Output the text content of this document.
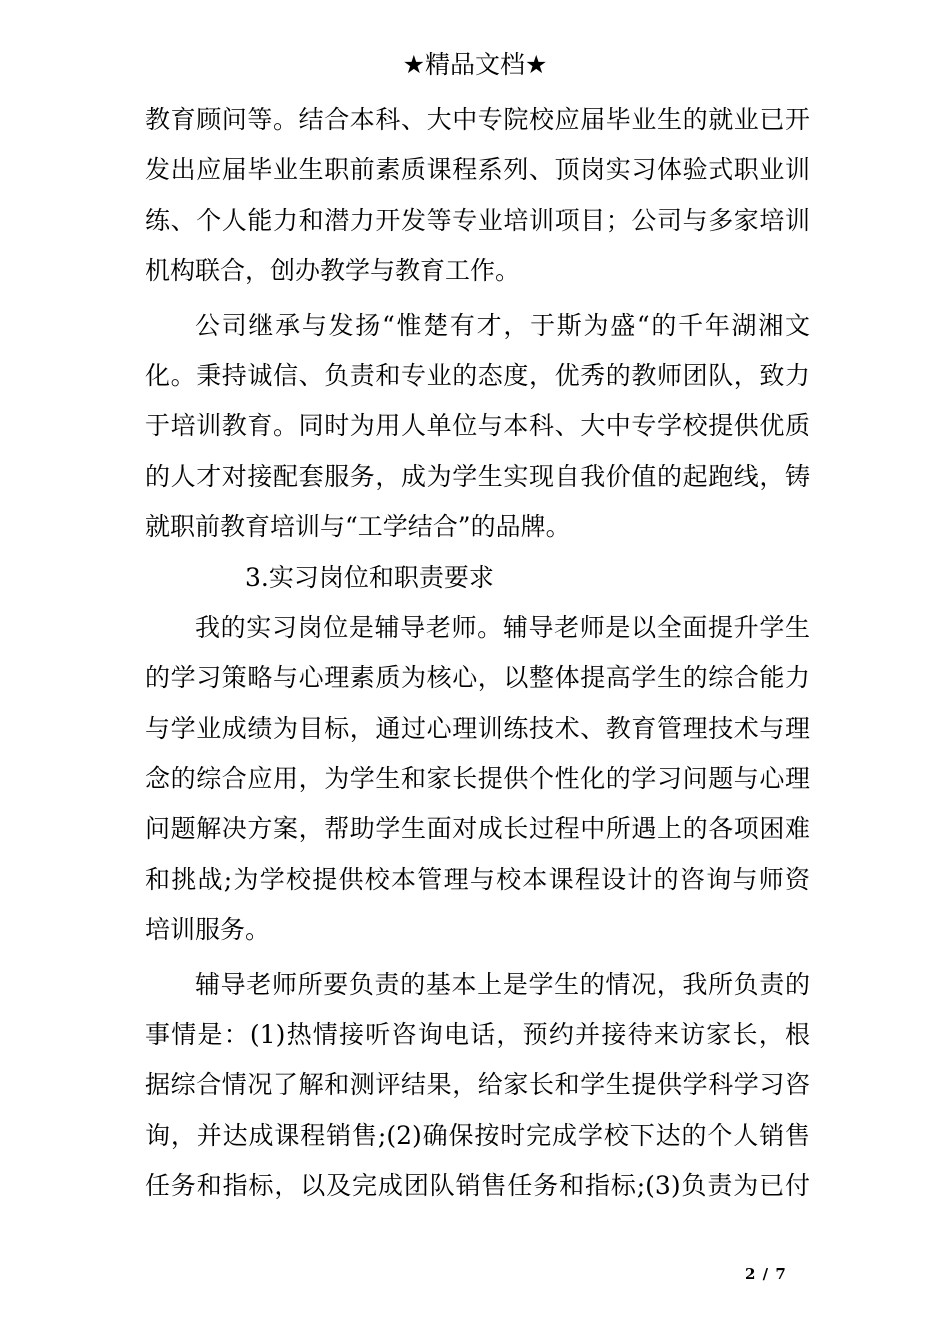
★精品文档★
教育顾问等。结合本科、大中专院校应届毕业生的就业已开
发出应届毕业生职前素质课程系列、顶岗实习体验式职业训
练、个人能力和潜力开发等专业培训项目；公司与多家培训
机构联合，创办教学与教育工作。
公司继承与发扬“惟楚有才，于斯为盛“的千年湖湘文
化。秉持诚信、负责和专业的态度，优秀的教师团队，致力
于培训教育。同时为用人单位与本科、大中专学校提供优质
的人才对接配套服务，成为学生实现自我价值的起跑线，铸
就职前教育培训与“工学结合”的品牌。
3.实习岗位和职责要求
我的实习岗位是辅导老师。辅导老师是以全面提升学生
的学习策略与心理素质为核心，以整体提高学生的综合能力
与学业成绩为目标，通过心理训练技术、教育管理技术与理
念的综合应用，为学生和家长提供个性化的学习问题与心理
问题解决方案，帮助学生面对成长过程中所遇上的各项困难
和挑战;为学校提供校本管理与校本课程设计的咨询与师资
培训服务。
辅导老师所要负责的基本上是学生的情况，我所负责的
事情是：(1)热情接听咨询电话，预约并接待来访家长，根
据综合情况了解和测评结果，给家长和学生提供学科学习咨
询，并达成课程销售;(2)确保按时完成学校下达的个人销售
任务和指标，以及完成团队销售任务和指标;(3)负责为已付
2 / 7
